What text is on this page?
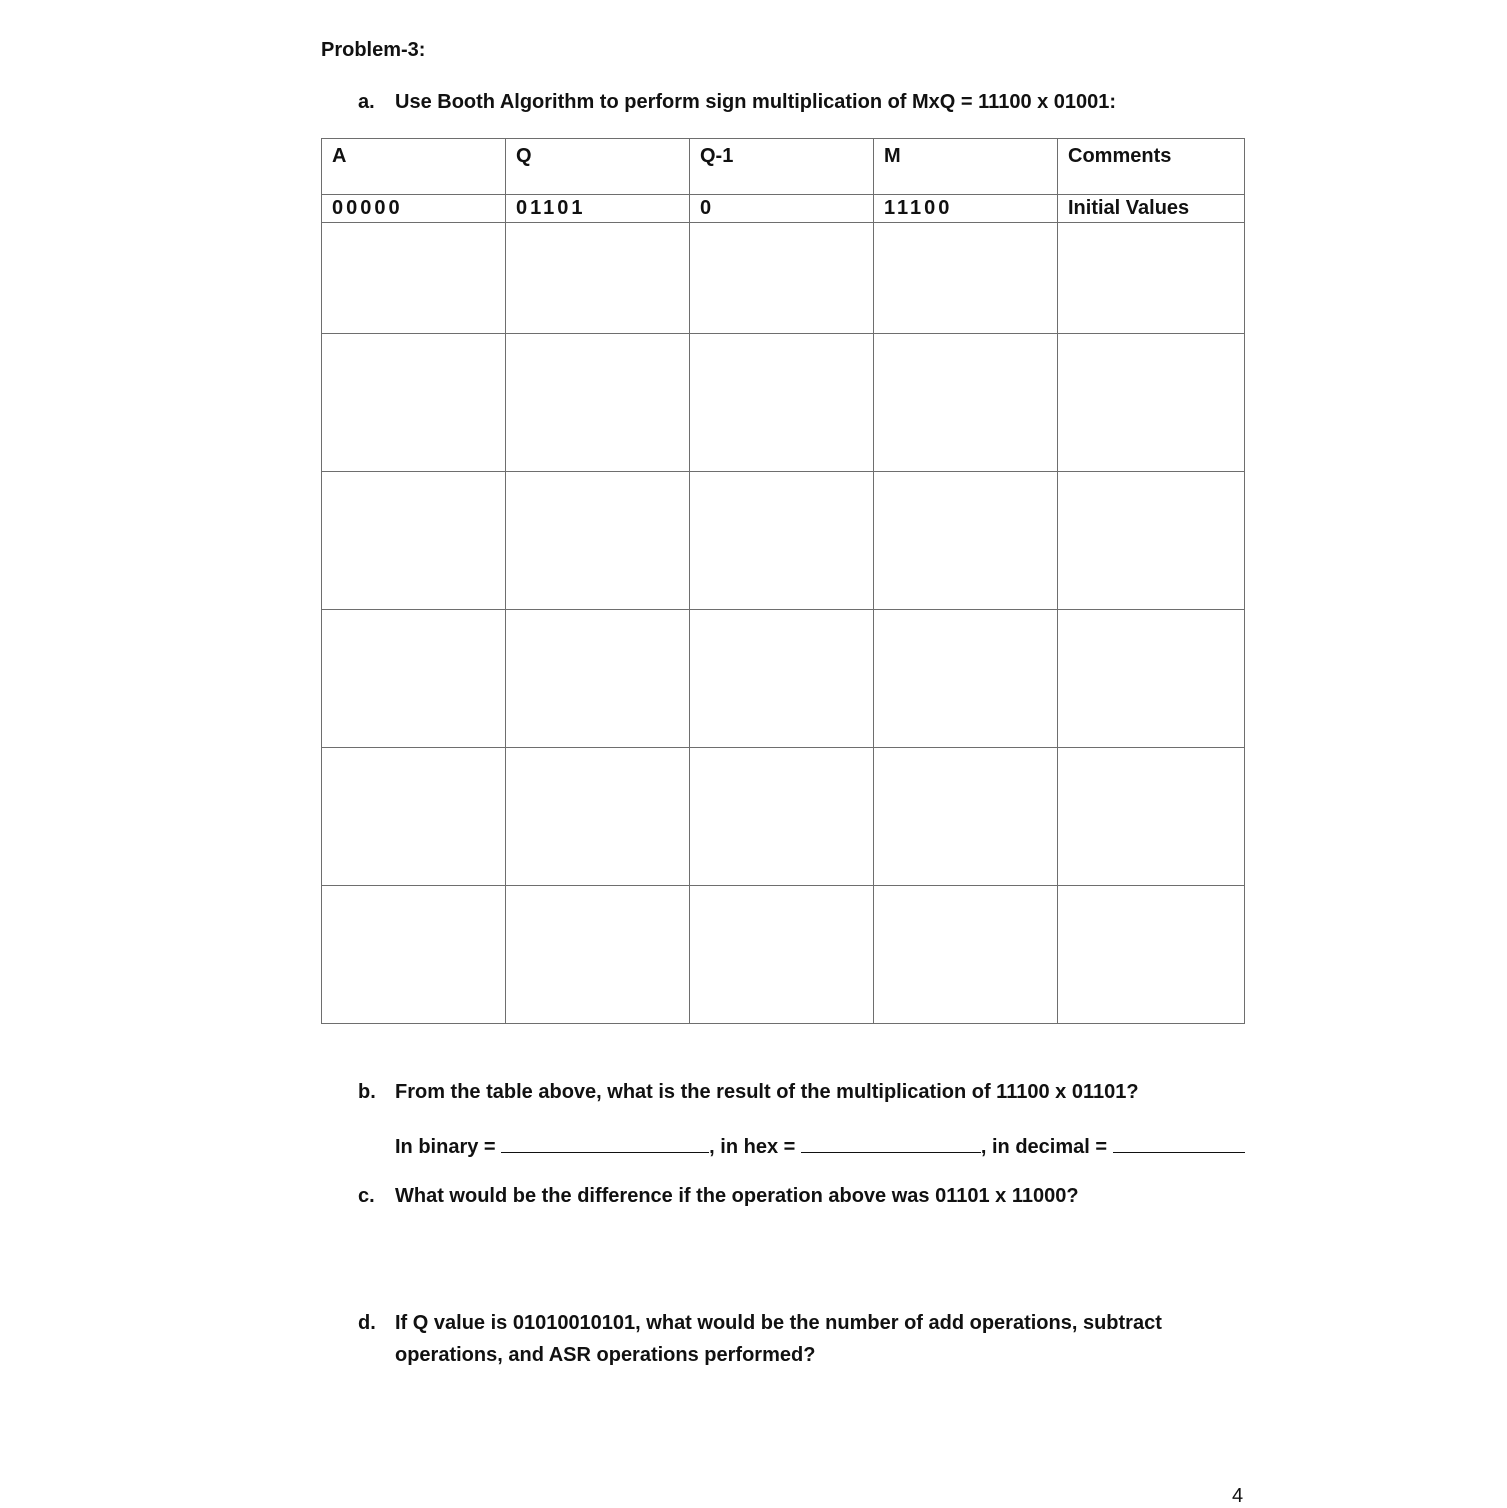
Problem-3:
a. Use Booth Algorithm to perform sign multiplication of MxQ = 11100 x 01001:
A	Q	Q-1	M	Comments
00000	01101	0	11100	Initial Values

b. From the table above, what is the result of the multiplication of 11100 x 01101?
In binary =	, in hex =	, in decimal =
c. What would be the difference if the operation above was 01101 x 11000?
d. If Q value is 01010010101, what would be the number of add operations, subtract operations, and ASR operations performed?
4
